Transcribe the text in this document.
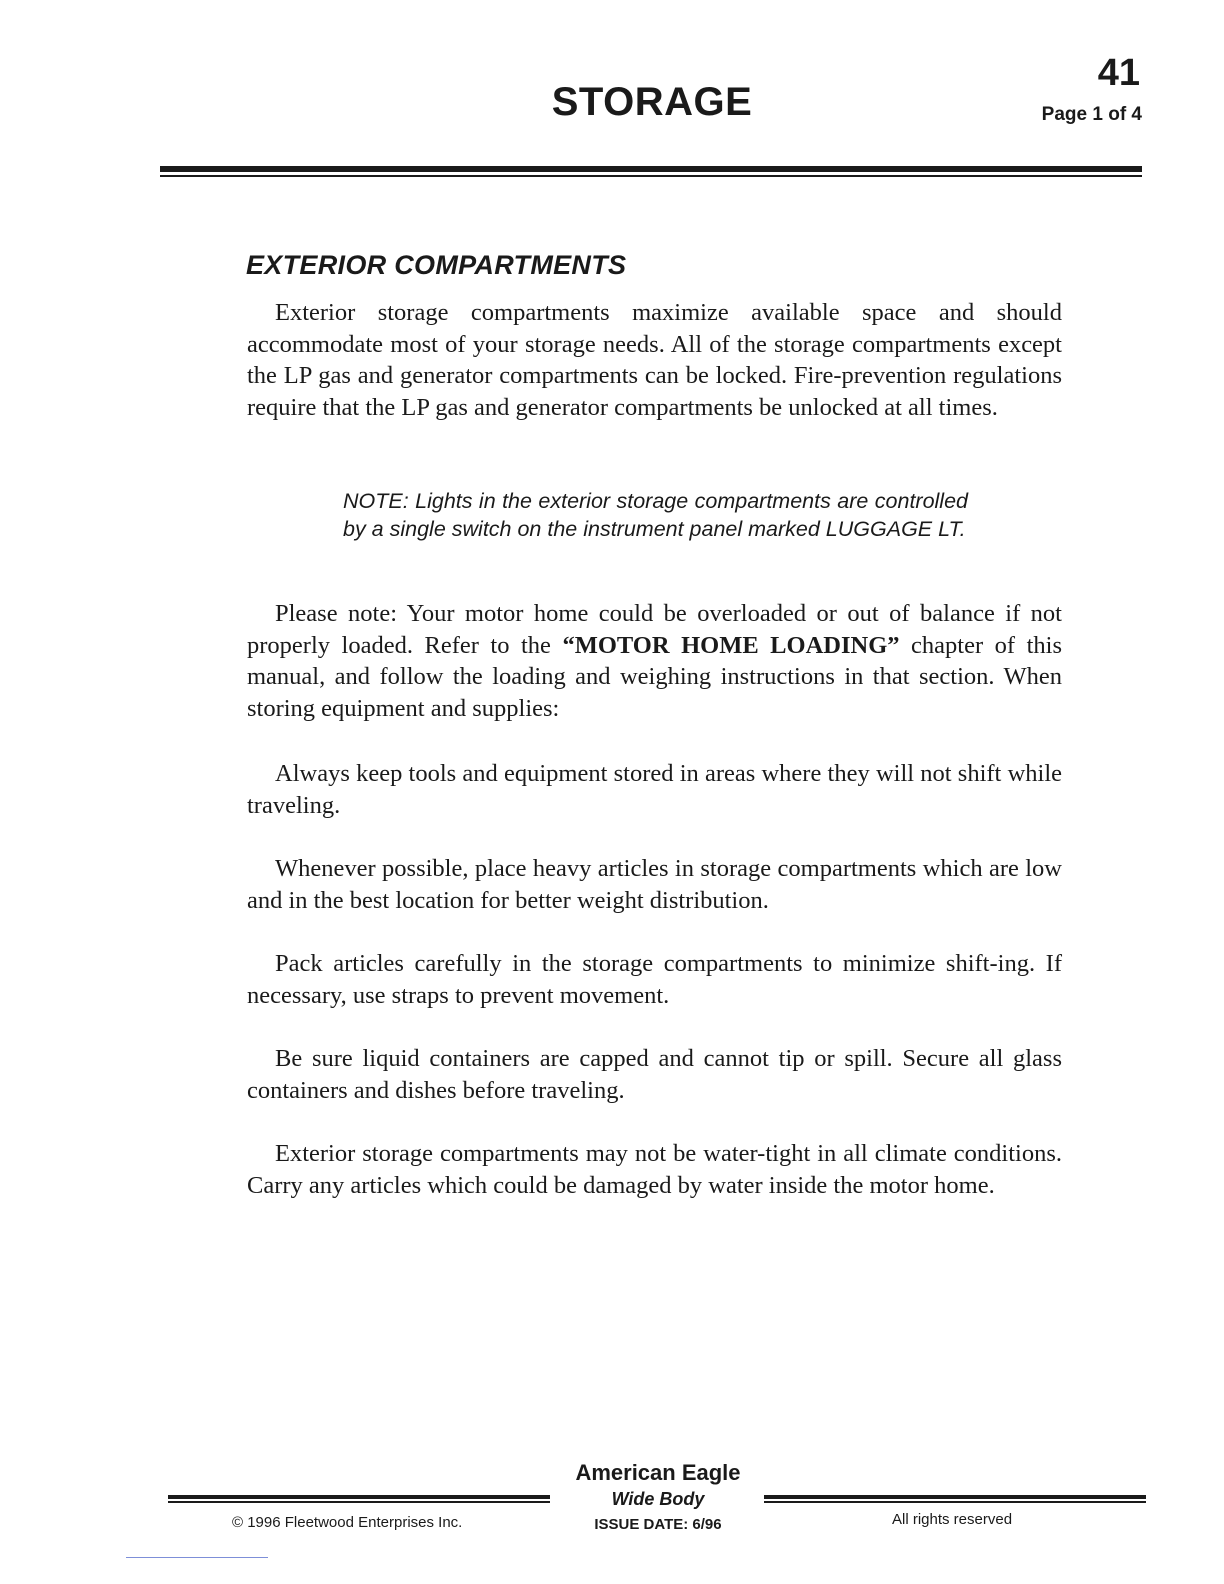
41
Page 1 of 4
STORAGE
EXTERIOR COMPARTMENTS
Exterior storage compartments maximize available space and should accommodate most of your storage needs. All of the storage compartments except the LP gas and generator compartments can be locked. Fire-prevention regulations require that the LP gas and generator compartments be unlocked at all times.
NOTE: Lights in the exterior storage compartments are controlled by a single switch on the instrument panel marked LUGGAGE LT.
Please note: Your motor home could be overloaded or out of balance if not properly loaded. Refer to the “MOTOR HOME LOADING” chapter of this manual, and follow the loading and weighing instructions in that section. When storing equipment and supplies:
Always keep tools and equipment stored in areas where they will not shift while traveling.
Whenever possible, place heavy articles in storage compartments which are low and in the best location for better weight distribution.
Pack articles carefully in the storage compartments to minimize shift-ing. If necessary, use straps to prevent movement.
Be sure liquid containers are capped and cannot tip or spill. Secure all glass containers and dishes before traveling.
Exterior storage compartments may not be water-tight in all climate conditions. Carry any articles which could be damaged by water inside the motor home.
American Eagle
Wide Body
ISSUE DATE: 6/96
© 1996 Fleetwood Enterprises Inc.	All rights reserved
